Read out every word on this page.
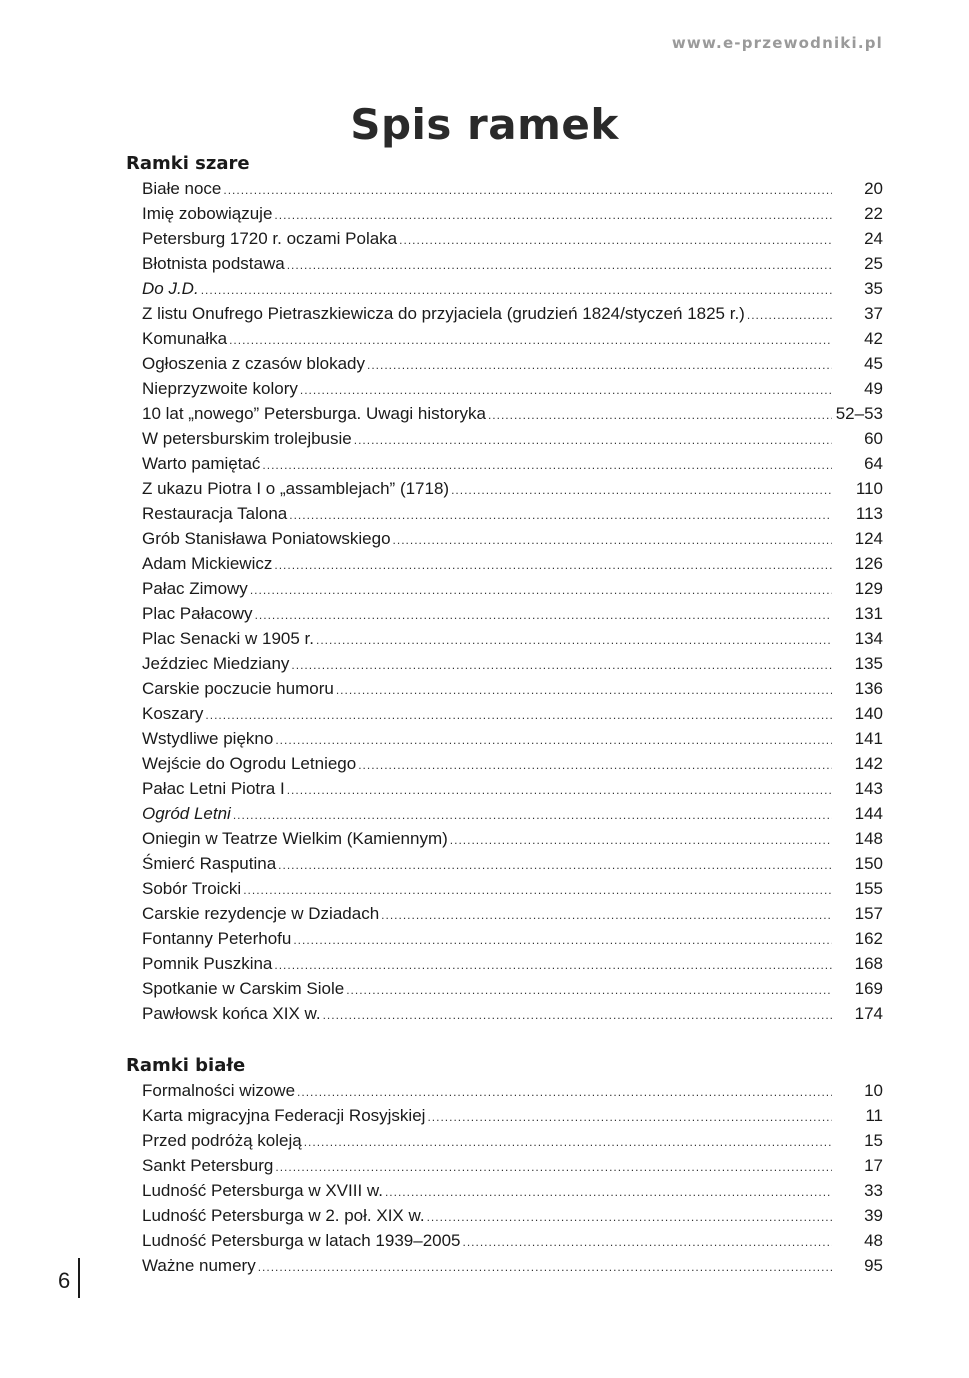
www.e-przewodniki.pl
Spis ramek
Ramki szare
Białe noce .....	20
Imię zobowiązuje .....	22
Petersburg 1720 r. oczami Polaka .....	24
Błotnista podstawa .....	25
Do J.D. .....	35
Z listu Onufrego Pietraszkiewicza do przyjaciela (grudzień 1824/styczeń 1825 r.) .....	37
Komunałka .....	42
Ogłoszenia z czasów blokady .....	45
Nieprzyzwoite kolory .....	49
10 lat „nowego” Petersburga. Uwagi historyka .....	52–53
W petersburskim trolejbusie .....	60
Warto pamiętać .....	64
Z ukazu Piotra I o „assamblejach” (1718) .....	110
Restauracja Talona .....	113
Grób Stanisława Poniatowskiego .....	124
Adam Mickiewicz .....	126
Pałac Zimowy .....	129
Plac Pałacowy .....	131
Plac Senacki w 1905 r. .....	134
Jeździec Miedziany .....	135
Carskie poczucie humoru .....	136
Koszary .....	140
Wstydliwe piękno .....	141
Wejście do Ogrodu Letniego .....	142
Pałac Letni Piotra I .....	143
Ogród Letni .....	144
Oniegin w Teatrze Wielkim (Kamiennym) .....	148
Śmierć Rasputina .....	150
Sobór Troicki .....	155
Carskie rezydencje w Dziadach .....	157
Fontanny Peterhofu .....	162
Pomnik Puszkina .....	168
Spotkanie w Carskim Siole .....	169
Pawłowsk końca XIX w. .....	174
Ramki białe
Formalności wizowe .....	10
Karta migracyjna Federacji Rosyjskiej .....	11
Przed podróżą koleją .....	15
Sankt Petersburg .....	17
Ludność Petersburga w XVIII w. .....	33
Ludność Petersburga w 2. poł. XIX w. .....	39
Ludność Petersburga w latach 1939–2005 .....	48
Ważne numery .....	95
6
